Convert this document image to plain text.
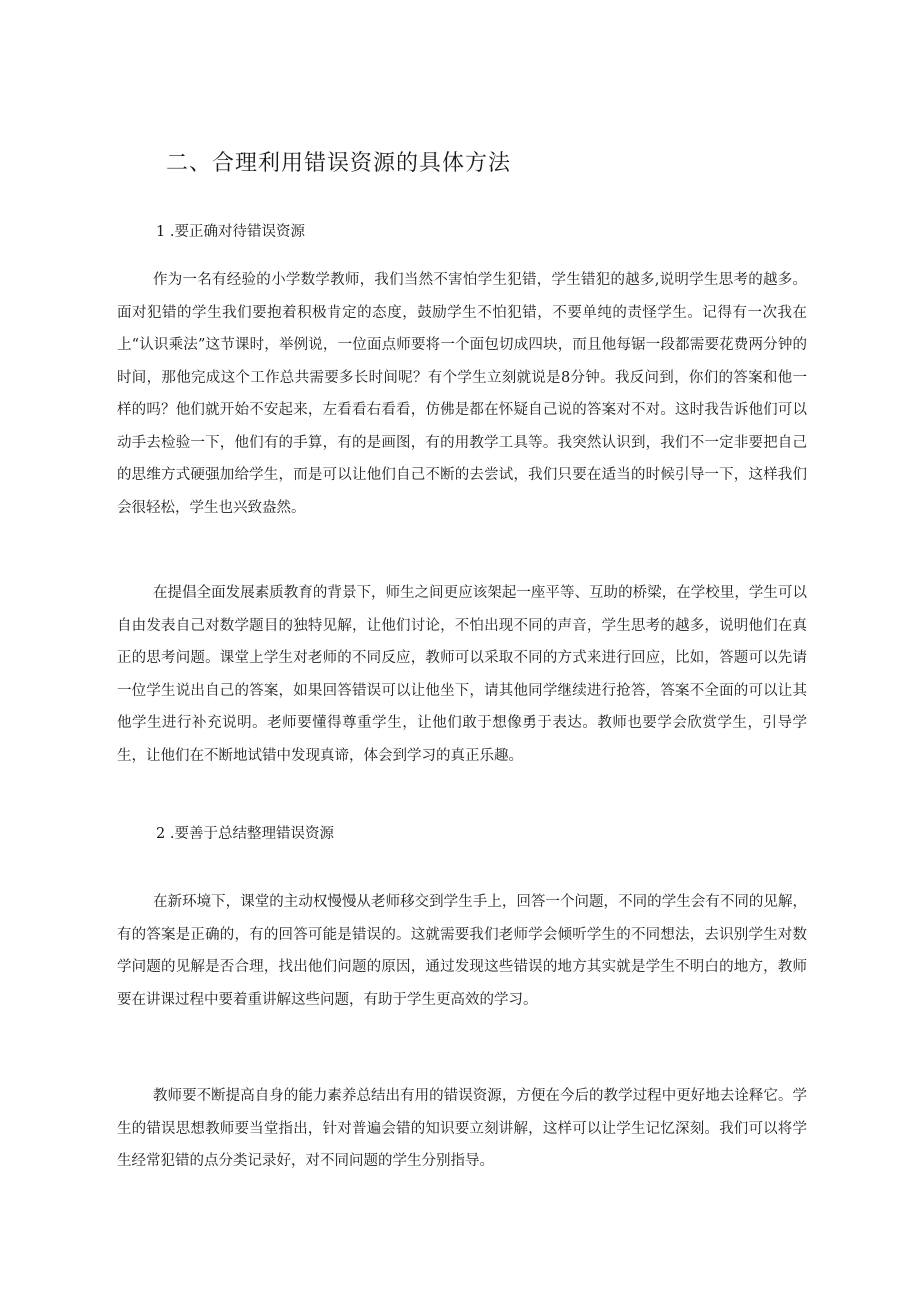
二、合理利用错误资源的具体方法
1 .要正确对待错误资源

作为一名有经验的小学数学教师，我们当然不害怕学生犯错，学生错犯的越多,说明学生思考的越多。面对犯错的学生我们要抱着积极肯定的态度，鼓励学生不怕犯错，不要单纯的责怪学生。记得有一次我在上“认识乘法”这节课时，举例说，一位面点师要将一个面包切成四块，而且他每锯一段都需要花费两分钟的时间，那他完成这个工作总共需要多长时间呢？有个学生立刻就说是8分钟。我反问到，你们的答案和他一样的吗？他们就开始不安起来，左看看右看看，仿佛是都在怀疑自己说的答案对不对。这时我告诉他们可以动手去检验一下，他们有的手算，有的是画图，有的用教学工具等。我突然认识到，我们不一定非要把自己的思维方式硬强加给学生，而是可以让他们自己不断的去尝试，我们只要在适当的时候引导一下，这样我们会很轻松，学生也兴致盎然。

在提倡全面发展素质教育的背景下，师生之间更应该架起一座平等、互助的桥梁，在学校里，学生可以自由发表自己对数学题目的独特见解，让他们讨论，不怕出现不同的声音，学生思考的越多，说明他们在真正的思考问题。课堂上学生对老师的不同反应，教师可以采取不同的方式来进行回应，比如，答题可以先请一位学生说出自己的答案，如果回答错误可以让他坐下，请其他同学继续进行抢答，答案不全面的可以让其他学生进行补充说明。老师要懂得尊重学生，让他们敢于想像勇于表达。教师也要学会欣赏学生，引导学生，让他们在不断地试错中发现真谛，体会到学习的真正乐趣。

2 .要善于总结整理错误资源

在新环境下，课堂的主动权慢慢从老师移交到学生手上，回答一个问题，不同的学生会有不同的见解，有的答案是正确的，有的回答可能是错误的。这就需要我们老师学会倾听学生的不同想法，去识别学生对数学问题的见解是否合理，找出他们问题的原因，通过发现这些错误的地方其实就是学生不明白的地方，教师要在讲课过程中要着重讲解这些问题，有助于学生更高效的学习。

教师要不断提高自身的能力素养总结出有用的错误资源，方便在今后的教学过程中更好地去诠释它。学生的错误思想教师要当堂指出，针对普遍会错的知识要立刻讲解，这样可以让学生记忆深刻。我们可以将学生经常犯错的点分类记录好，对不同问题的学生分别指导。
